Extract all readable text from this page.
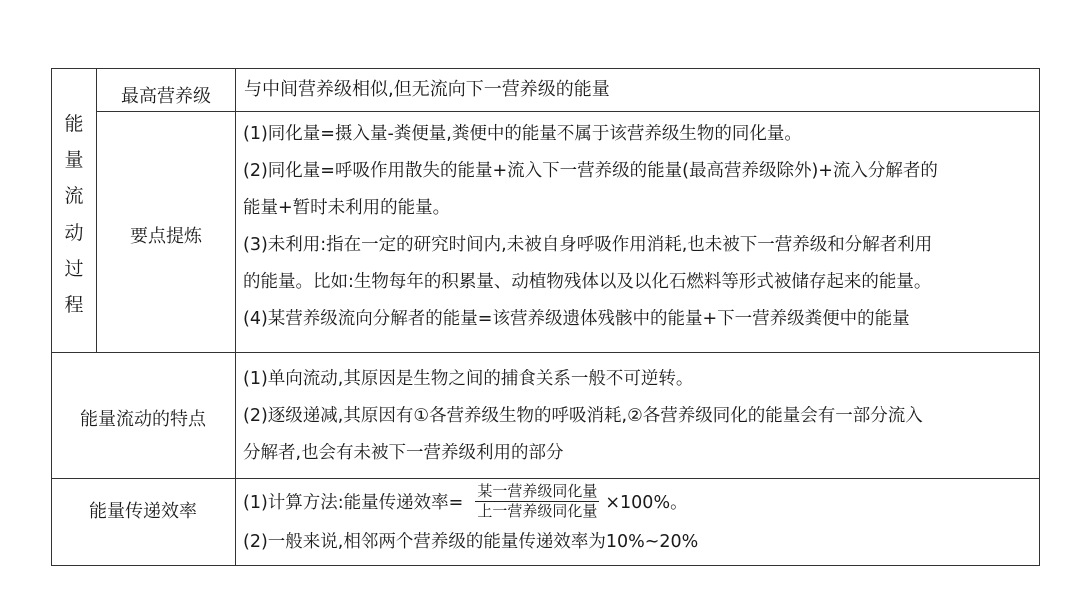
能
量
流
动
过
程
最高营养级	与中间营养级相似,但无流向下一营养级的能量
要点提炼
(1)同化量=摄入量-粪便量,粪便中的能量不属于该营养级生物的同化量。
(2)同化量=呼吸作用散失的能量+流入下一营养级的能量(最高营养级除外)+流入分解者的
能量+暂时未利用的能量。
(3)未利用:指在一定的研究时间内,未被自身呼吸作用消耗,也未被下一营养级和分解者利用
的能量。比如:生物每年的积累量、动植物残体以及以化石燃料等形式被储存起来的能量。
(4)某营养级流向分解者的能量=该营养级遗体残骸中的能量+下一营养级粪便中的能量
能量流动的特点
(1)单向流动,其原因是生物之间的捕食关系一般不可逆转。
(2)逐级递减,其原因有①各营养级生物的呼吸消耗,②各营养级同化的能量会有一部分流入
分解者,也会有未被下一营养级利用的部分
能量传递效率	(1)计算方法:能量传递效率= $\frac{\text{某一营养级同化量}}{\text{上一营养级同化量}} \times 100\%$。
(2)一般来说,相邻两个营养级的能量传递效率为10%~20%
